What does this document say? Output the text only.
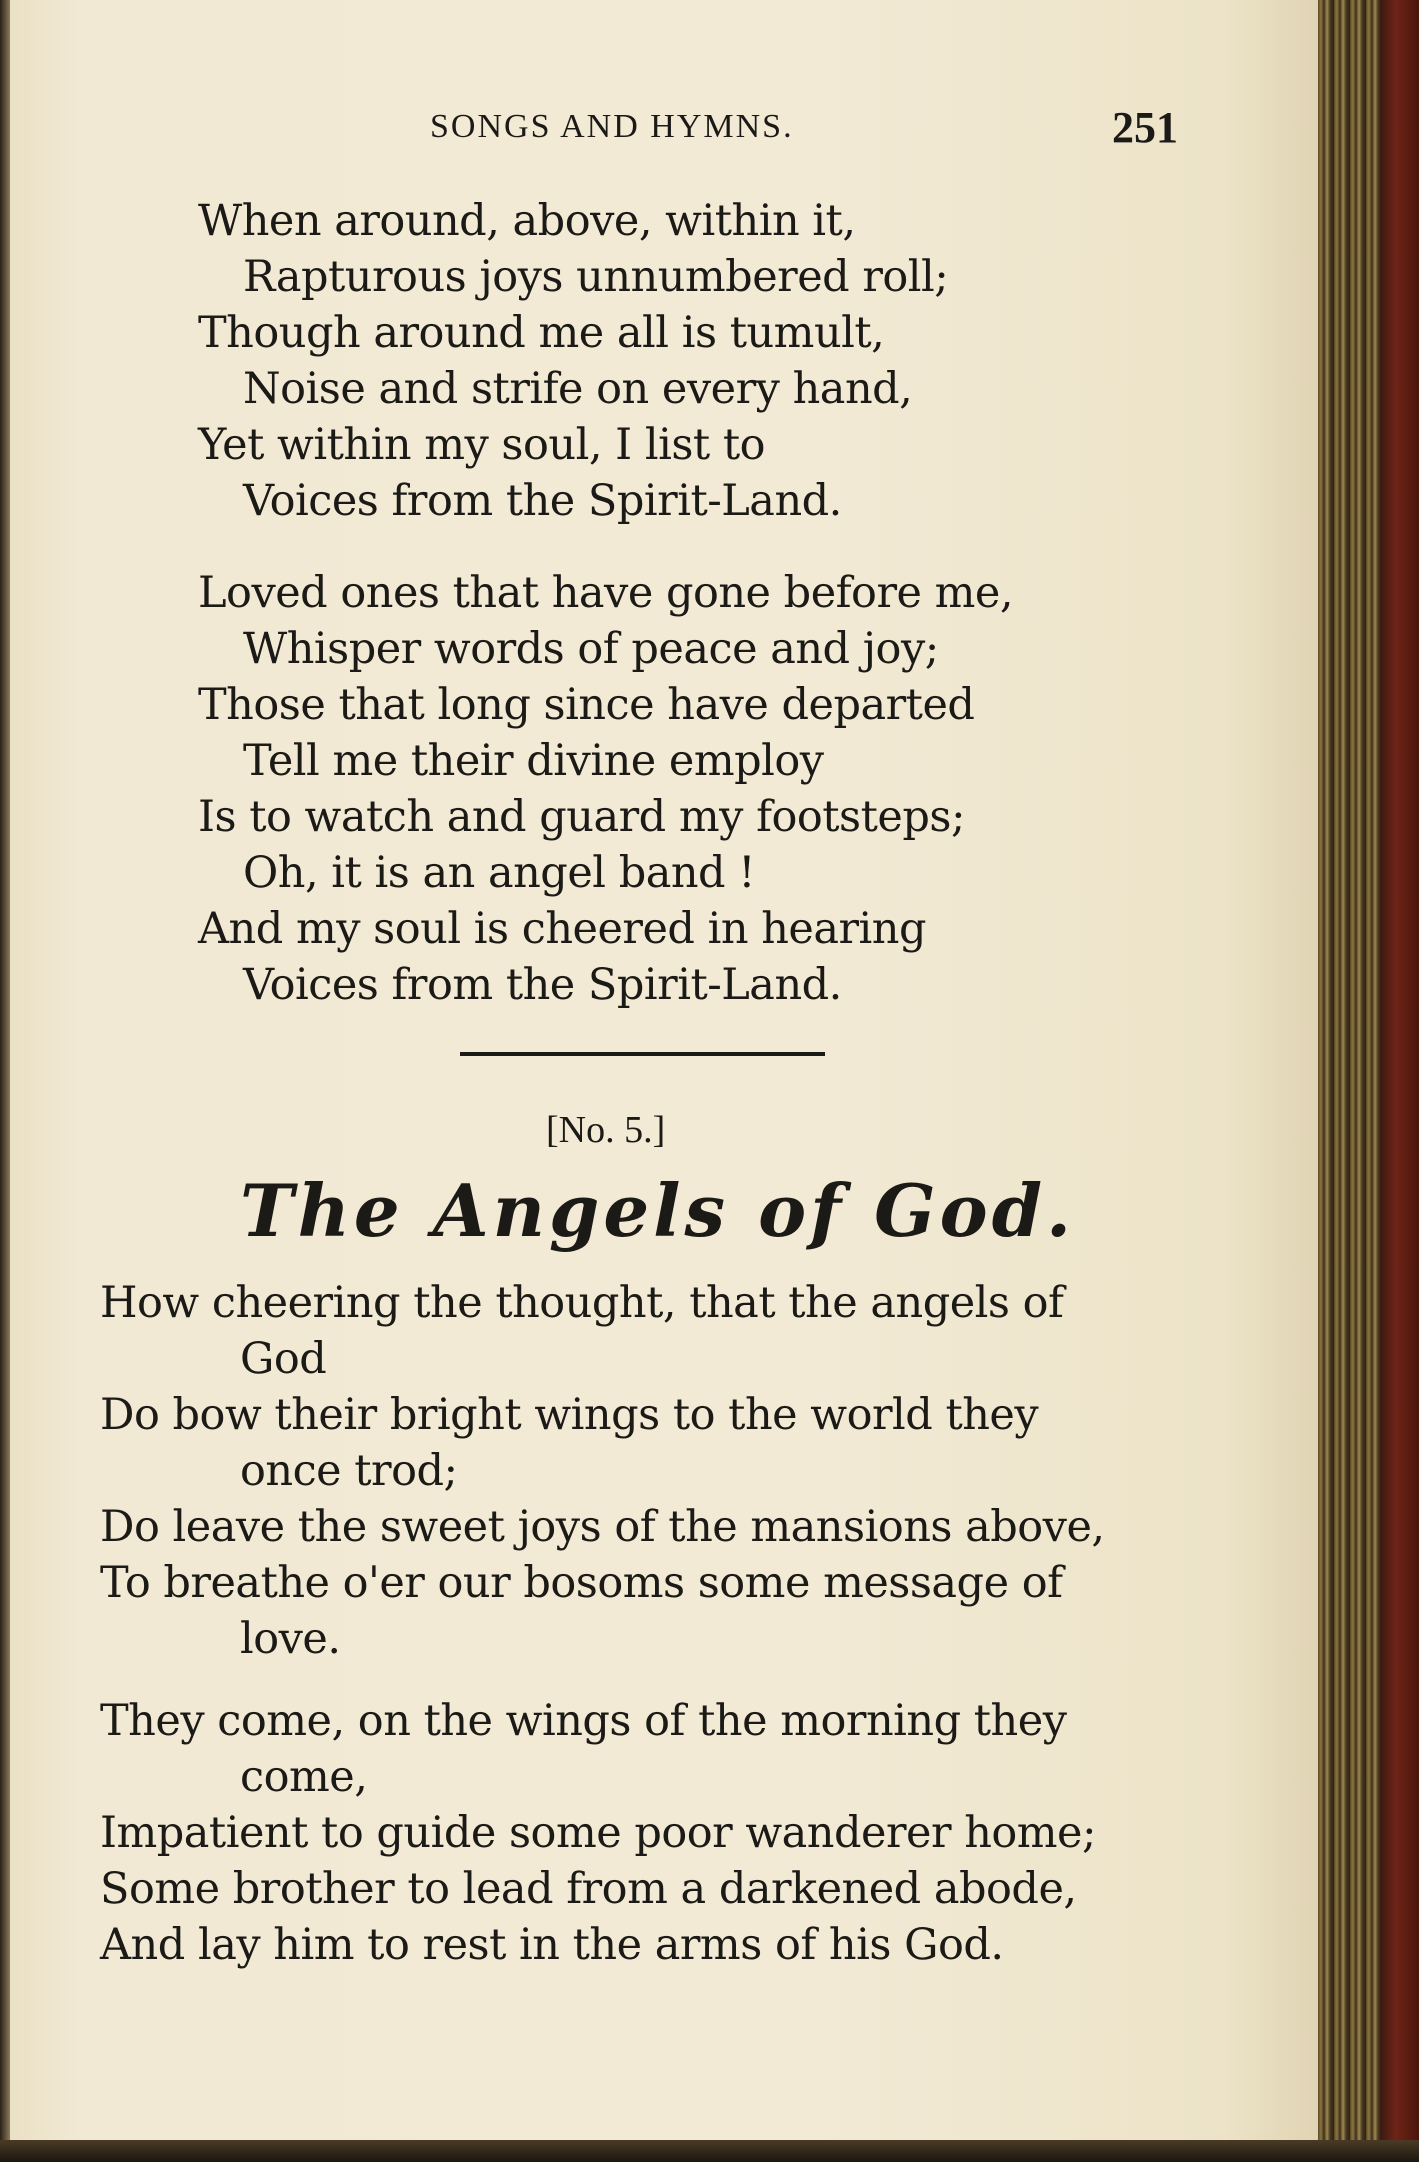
SONGS AND HYMNS.	251
When around, above, within it,
Rapturous joys unnumbered roll;
Though around me all is tumult,
Noise and strife on every hand,
Yet within my soul, I list to
Voices from the Spirit-Land.
Loved ones that have gone before me,
Whisper words of peace and joy;
Those that long since have departed
Tell me their divine employ
Is to watch and guard my footsteps;
Oh, it is an angel band !
And my soul is cheered in hearing
Voices from the Spirit-Land.
[No. 5.]
The Angels of God.
How cheering the thought, that the angels of
God
Do bow their bright wings to the world they
once trod;
Do leave the sweet joys of the mansions above,
To breathe o'er our bosoms some message of
love.
They come, on the wings of the morning they
come,
Impatient to guide some poor wanderer home;
Some brother to lead from a darkened abode,
And lay him to rest in the arms of his God.
